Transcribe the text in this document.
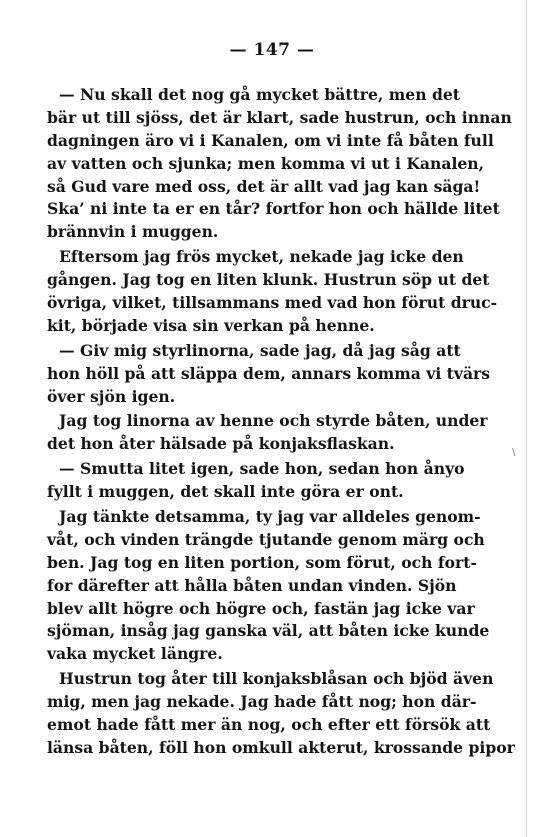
— 147 —
— Nu skall det nog gå mycket bättre, men det
bär ut till sjöss, det är klart, sade hustrun, och innan
dagningen äro vi i Kanalen, om vi inte få båten full
av vatten och sjunka; men komma vi ut i Kanalen,
så Gud vare med oss, det är allt vad jag kan säga!
Ska’ ni inte ta er en tår? fortfor hon och hällde litet
brännvin i muggen.
Eftersom jag frös mycket, nekade jag icke den
gången. Jag tog en liten klunk. Hustrun söp ut det
övriga, vilket, tillsammans med vad hon förut druc-
kit, började visa sin verkan på henne.
— Giv mig styrlinorna, sade jag, då jag såg att
hon höll på att släppa dem, annars komma vi tvärs
över sjön igen.
Jag tog linorna av henne och styrde båten, under
det hon åter hälsade på konjaksflaskan.
— Smutta litet igen, sade hon, sedan hon ånyo
fyllt i muggen, det skall inte göra er ont.
Jag tänkte detsamma, ty jag var alldeles genom-
våt, och vinden trängde tjutande genom märg och
ben. Jag tog en liten portion, som förut, och fort-
for därefter att hålla båten undan vinden. Sjön
blev allt högre och högre och, fastän jag icke var
sjöman, insåg jag ganska väl, att båten icke kunde
vaka mycket längre.
Hustrun tog åter till konjaksblåsan och bjöd även
mig, men jag nekade. Jag hade fått nog; hon där-
emot hade fått mer än nog, och efter ett försök att
länsa båten, föll hon omkull akterut, krossande pipor
\
